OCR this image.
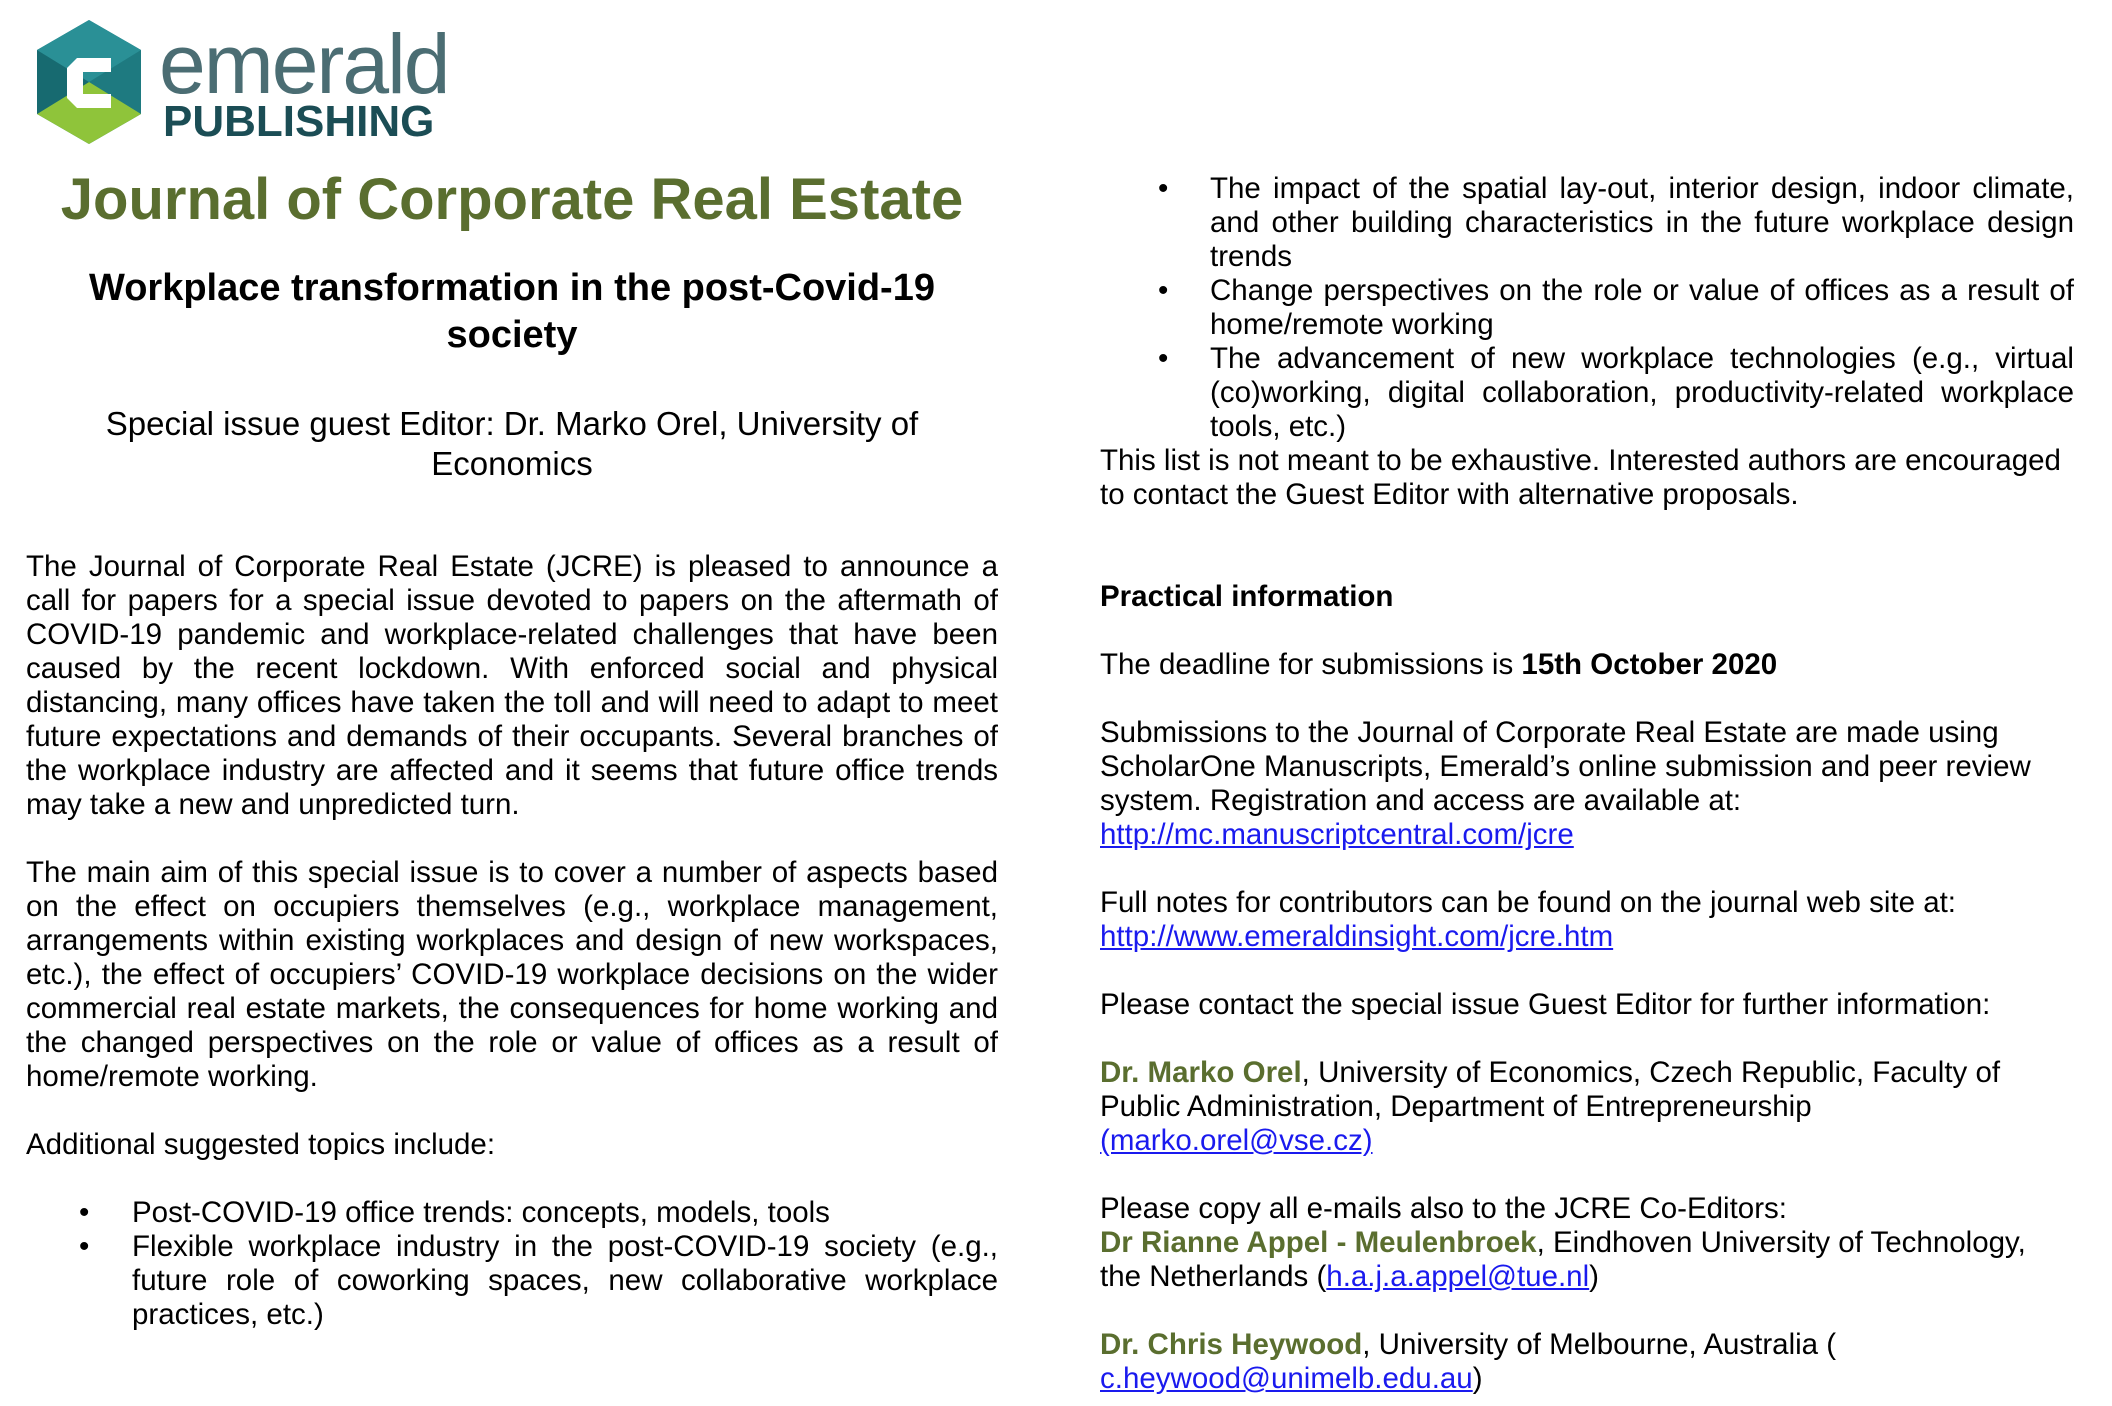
emerald
PUBLISHING
Journal of Corporate Real Estate
Workplace transformation in the post-Covid-19
society

Special issue guest Editor: Dr. Marko Orel, University of
Economics

The Journal of Corporate Real Estate (JCRE) is pleased to announce a call for papers for a special issue devoted to papers on the aftermath of COVID-19 pandemic and workplace-related challenges that have been caused by the recent lockdown. With enforced social and physical distancing, many offices have taken the toll and will need to adapt to meet future expectations and demands of their occupants. Several branches of the workplace industry are affected and it seems that future office trends may take a new and unpredicted turn.

The main aim of this special issue is to cover a number of aspects based on the effect on occupiers themselves (e.g., workplace management, arrangements within existing workplaces and design of new workspaces, etc.), the effect of occupiers’ COVID-19 workplace decisions on the wider commercial real estate markets, the consequences for home working and the changed perspectives on the role or value of offices as a result of home/remote working.

Additional suggested topics include:

• Post-COVID-19 office trends: concepts, models, tools
• Flexible workplace industry in the post-COVID-19 society (e.g., future role of coworking spaces, new collaborative workplace practices, etc.)
• The impact of the spatial lay-out, interior design, indoor climate, and other building characteristics in the future workplace design trends
• Change perspectives on the role or value of offices as a result of home/remote working
• The advancement of new workplace technologies (e.g., virtual (co)working, digital collaboration, productivity-related workplace tools, etc.)

This list is not meant to be exhaustive. Interested authors are encouraged to contact the Guest Editor with alternative proposals.

Practical information

The deadline for submissions is 15th October 2020

Submissions to the Journal of Corporate Real Estate are made using ScholarOne Manuscripts, Emerald’s online submission and peer review system. Registration and access are available at:
http://mc.manuscriptcentral.com/jcre

Full notes for contributors can be found on the journal web site at:
http://www.emeraldinsight.com/jcre.htm

Please contact the special issue Guest Editor for further information:

Dr. Marko Orel, University of Economics, Czech Republic, Faculty of Public Administration, Department of Entrepreneurship
(marko.orel@vse.cz)

Please copy all e-mails also to the JCRE Co-Editors:

Dr Rianne Appel - Meulenbroek, Eindhoven University of Technology, the Netherlands (h.a.j.a.appel@tue.nl)

Dr. Chris Heywood, University of Melbourne, Australia (
c.heywood@unimelb.edu.au)
